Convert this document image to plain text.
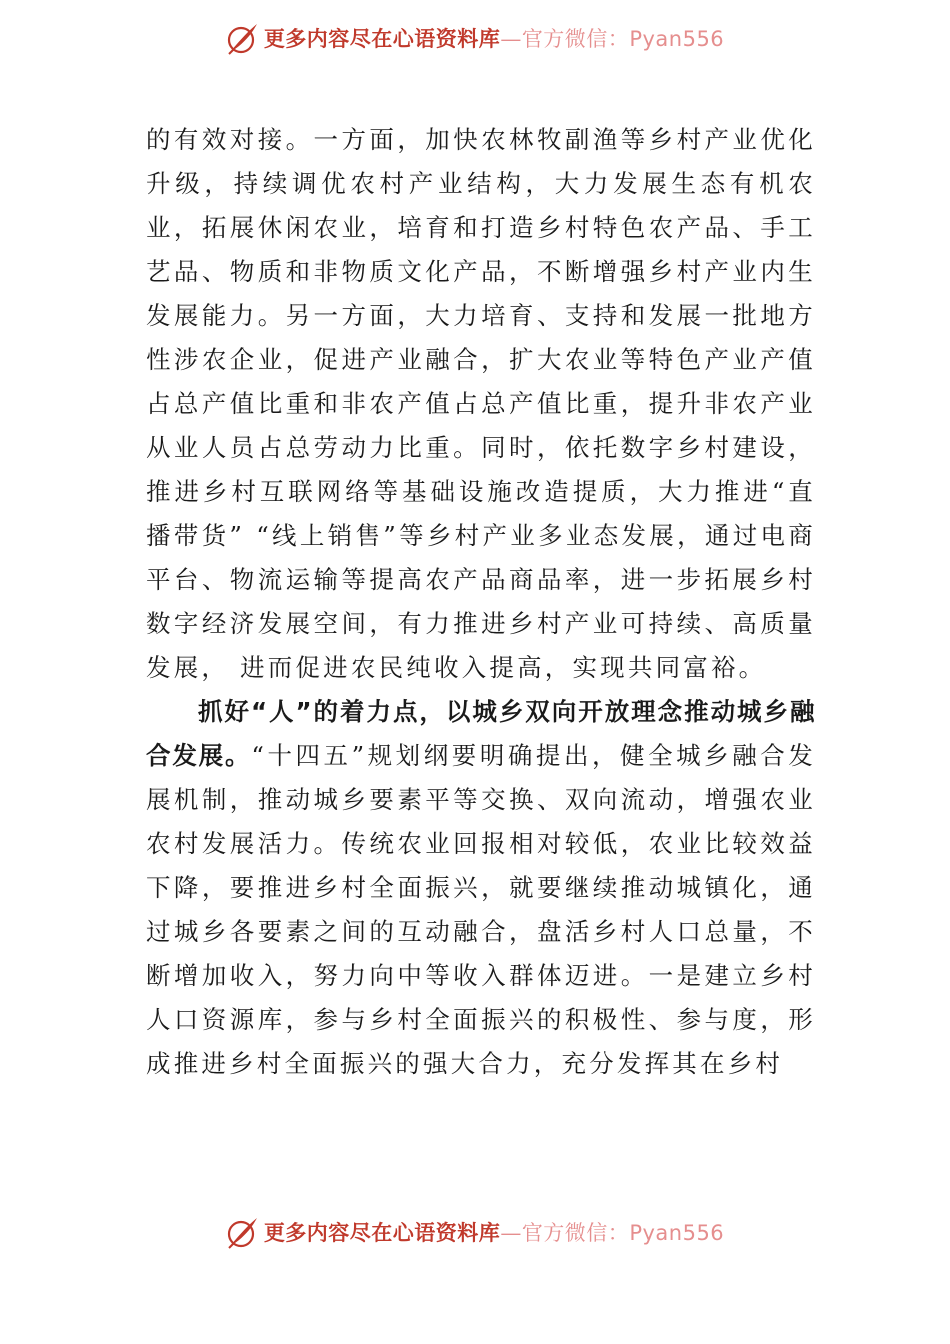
更多内容尽在心语资料库—官方微信：Pyan556

的有效对接。一方面，加快农林牧副渔等乡村产业优化升级，持续调优农村产业结构，大力发展生态有机农业，拓展休闲农业，培育和打造乡村特色农产品、手工艺品、物质和非物质文化产品，不断增强乡村产业内生发展能力。另一方面，大力培育、支持和发展一批地方性涉农企业，促进产业融合，扩大农业等特色产业产值占总产值比重和非农产值占总产值比重，提升非农产业从业人员占总劳动力比重。同时，依托数字乡村建设，推进乡村互联网络等基础设施改造提质，大力推进“直播带货” “线上销售”等乡村产业多业态发展，通过电商平台、物流运输等提高农产品商品率，进一步拓展乡村数字经济发展空间，有力推进乡村产业可持续、高质量发展， 进而促进农民纯收入提高，实现共同富裕。

抓好“人”的着力点，以城乡双向开放理念推动城乡融合发展。“十四五”规划纲要明确提出，健全城乡融合发展机制，推动城乡要素平等交换、双向流动，增强农业农村发展活力。传统农业回报相对较低，农业比较效益下降，要推进乡村全面振兴，就要继续推动城镇化，通过城乡各要素之间的互动融合，盘活乡村人口总量，不断增加收入，努力向中等收入群体迈进。一是建立乡村人口资源库，参与乡村全面振兴的积极性、参与度，形成推进乡村全面振兴的强大合力，充分发挥其在乡村

更多内容尽在心语资料库—官方微信：Pyan556
